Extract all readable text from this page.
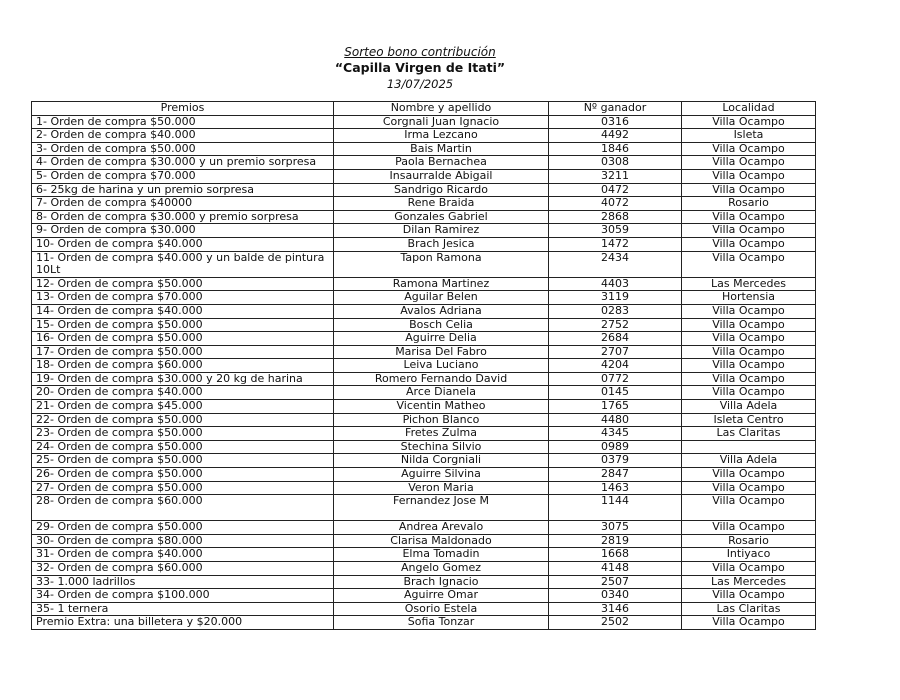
Sorteo bono contribución
“Capilla Virgen de Itati”
13/07/2025
Premios	Nombre y apellido	Nº ganador	Localidad
1- Orden de compra $50.000	Corgnali Juan Ignacio	0316	Villa Ocampo
2- Orden de compra $40.000	Irma Lezcano	4492	Isleta
3- Orden de compra $50.000	Bais Martin	1846	Villa Ocampo
4- Orden de compra $30.000 y un premio sorpresa	Paola Bernachea	0308	Villa Ocampo
5- Orden de compra $70.000	Insaurralde Abigail	3211	Villa Ocampo
6- 25kg de harina y un premio sorpresa	Sandrigo Ricardo	0472	Villa Ocampo
7- Orden de compra $40000	Rene Braida	4072	Rosario
8- Orden de compra $30.000 y premio sorpresa	Gonzales Gabriel	2868	Villa Ocampo
9- Orden de compra $30.000	Dilan Ramirez	3059	Villa Ocampo
10- Orden de compra $40.000	Brach Jesica	1472	Villa Ocampo
11- Orden de compra $40.000 y un balde de pintura 10Lt	Tapon Ramona	2434	Villa Ocampo
12- Orden de compra $50.000	Ramona Martinez	4403	Las Mercedes
13- Orden de compra $70.000	Aguilar Belen	3119	Hortensia
14- Orden de compra $40.000	Avalos Adriana	0283	Villa Ocampo
15- Orden de compra $50.000	Bosch Celia	2752	Villa Ocampo
16- Orden de compra $50.000	Aguirre Delia	2684	Villa Ocampo
17- Orden de compra $50.000	Marisa Del Fabro	2707	Villa Ocampo
18- Orden de compra $60.000	Leiva Luciano	4204	Villa Ocampo
19- Orden de compra $30.000 y 20 kg de harina	Romero Fernando David	0772	Villa Ocampo
20- Orden de compra $40.000	Arce Dianela	0145	Villa Ocampo
21- Orden de compra $45.000	Vicentin Matheo	1765	Villa Adela
22- Orden de compra $50.000	Pichon Blanco	4480	Isleta Centro
23- Orden de compra $50.000	Fretes Zulma	4345	Las Claritas
24- Orden de compra $50.000	Stechina Silvio	0989	
25- Orden de compra $50.000	Nilda Corgniali	0379	Villa Adela
26- Orden de compra $50.000	Aguirre Silvina	2847	Villa Ocampo
27- Orden de compra $50.000	Veron Maria	1463	Villa Ocampo
28- Orden de compra $60.000	Fernandez Jose M	1144	Villa Ocampo
29- Orden de compra $50.000	Andrea Arevalo	3075	Villa Ocampo
30- Orden de compra $80.000	Clarisa Maldonado	2819	Rosario
31- Orden de compra $40.000	Elma Tomadin	1668	Intiyaco
32- Orden de compra $60.000	Angelo Gomez	4148	Villa Ocampo
33- 1.000 ladrillos	Brach Ignacio	2507	Las Mercedes
34- Orden de compra $100.000	Aguirre Omar	0340	Villa Ocampo
35- 1 ternera	Osorio Estela	3146	Las Claritas
Premio Extra: una billetera y $20.000	Sofia Tonzar	2502	Villa Ocampo
